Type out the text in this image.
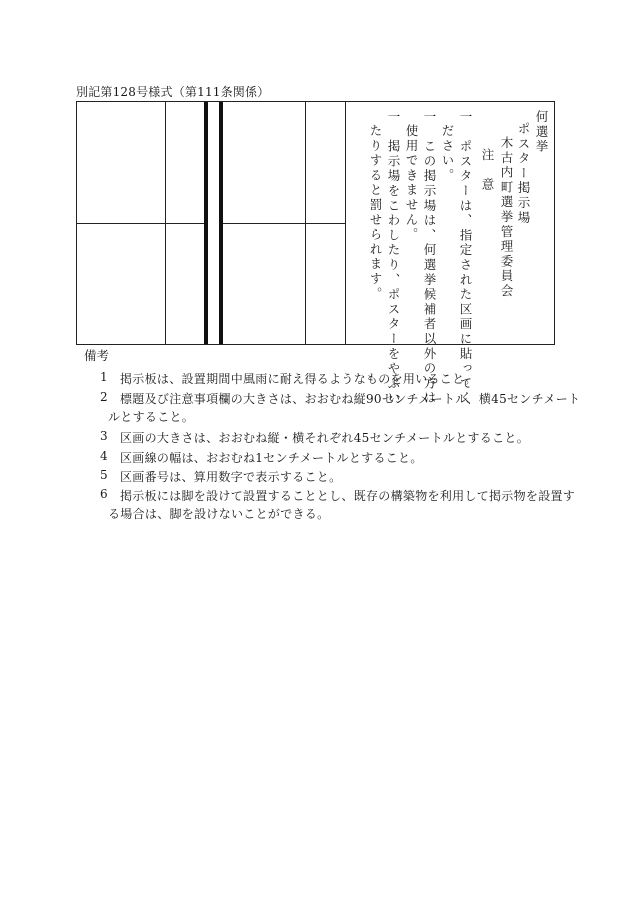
別記第128号様式（第111条関係）
何選挙
ポスター掲示場
木古内町選挙管理委員会
注　意
一　ポスターは、指定された区画に貼ってく
ださい。
一　この掲示場は、何選挙候補者以外の方は
使用できません。
一　掲示場をこわしたり、ポスターをやぶい
たりすると罰せられます。
備考
1 掲示板は、設置期間中風雨に耐え得るようなものを用いること。
2 標題及び注意事項欄の大きさは、おおむね縦90センチメートル、横45センチメート
ルとすること。
3 区画の大きさは、おおむね縦・横それぞれ45センチメートルとすること。
4 区画線の幅は、おおむね1センチメートルとすること。
5 区画番号は、算用数字で表示すること。
6 掲示板には脚を設けて設置することとし、既存の構築物を利用して掲示物を設置す
る場合は、脚を設けないことができる。
